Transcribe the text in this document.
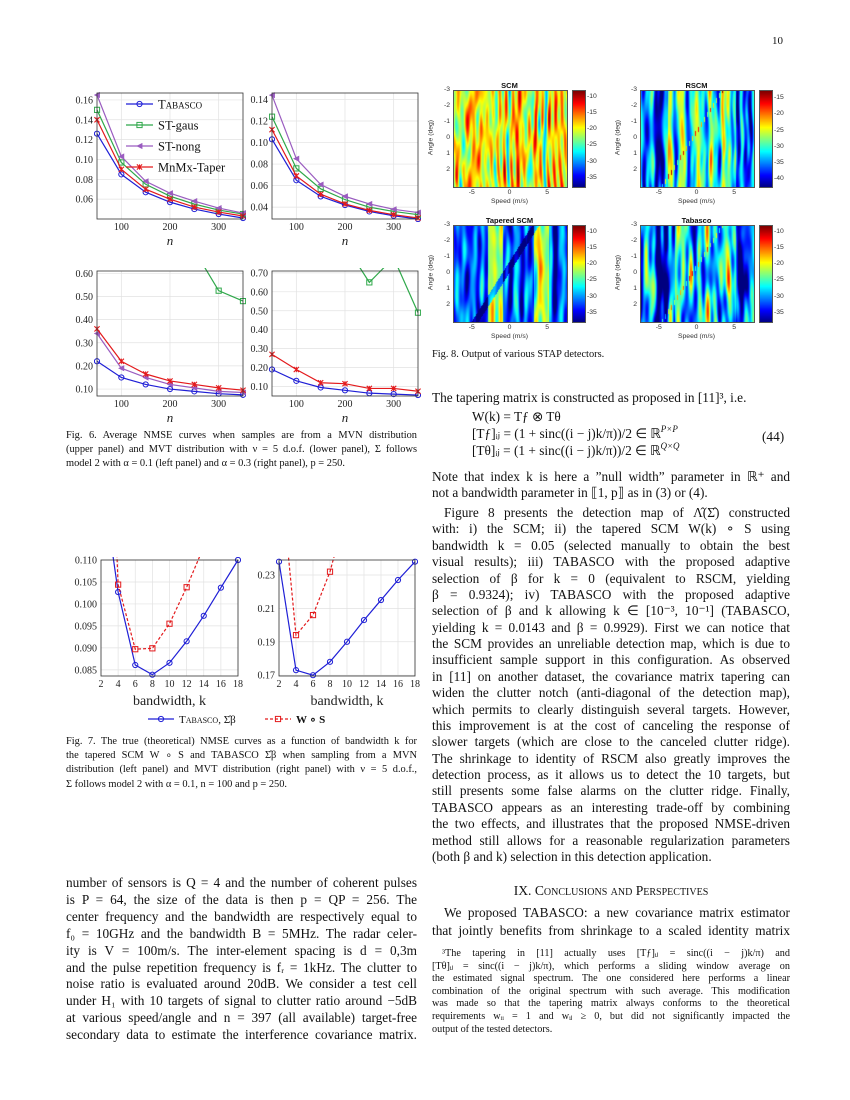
10
100	200	300
0.06
0.08
0.10
0.12
0.14
0.16
n
Tabasco
ST-gaus
ST-nong
MnMx-Taper
100	200	300
0.04
0.06
0.08
0.10
0.12
0.14
n
100	200	300
0.10
0.20
0.30
0.40
0.50
0.60
n
100	200	300
0.10
0.20
0.30
0.40
0.50
0.60
0.70
n
2 4 6 8 10 12 14 16 18
0.085
0.090
0.095
0.100
0.105
0.110
bandwidth, k
Tabasco, Σ̂β	W ∘ S
2 4 6 8 10 12 14 16 18
0.17
0.19
0.21
0.23
bandwidth, k
Fig. 6. Average NMSE curves when samples are from a MVN distribution
(upper panel) and MVT distribution with ν = 5 d.o.f. (lower panel), Σ follows
model 2 with α = 0.1 (left panel) and α = 0.3 (right panel), p = 250.
Fig. 7. The true (theoretical) NMSE curves as a function of bandwidth k for
the tapered SCM W ∘ S and TABASCO Σ̂β when sampling from a MVN
distribution (left panel) and MVT distribution (right panel) with ν = 5 d.o.f.,
Σ follows model 2 with α = 0.1, n = 100 and p = 250.
SCM
-10
-15
-20
-25
-30
-35
-3
-2
-1
0
1
2
-5	0	5
Speed (m/s)
Angle (deg)
RSCM
-15
-20
-25
-30
-35
-40
-3
-2
-1
0
1
2
-5	0	5
Speed (m/s)
Angle (deg)
Tapered SCM
-10
-15
-20
-25
-30
-35
-3
-2
-1
0
1
2
-5	0	5
Speed (m/s)
Angle (deg)
Tabasco
-10
-15
-20
-25
-30
-35
-3
-2
-1
0
1
2
-5	0	5
Speed (m/s)
Angle (deg)
Fig. 8. Output of various STAP detectors.
The tapering matrix is constructed as proposed in [11]³, i.e.
W(k) = Tƒ ⊗ Tθ
[Tƒ]ᵢⱼ = (1 + sinc((i − j)k/π))/2 ∈ ℝ$^{P\times P}$
[Tθ]ᵢⱼ = (1 + sinc((i − j)k/π))/2 ∈ ℝ$^{Q\times Q}$
(44)
Note that index k is here a ”null width” parameter in ℝ⁺ and
not a bandwidth parameter in ⟦1, p⟧ as in (3) or (4).
Figure 8 presents the detection map of Λ̂(Σ̂) constructed
with: i) the SCM; ii) the tapered SCM W(k) ∘ S using
bandwidth k = 0.05 (selected manually to obtain the best
visual results); iii) TABASCO with the proposed adaptive
selection of β for k = 0 (equivalent to RSCM, yielding
β = 0.9324); iv) TABASCO with the proposed adaptive
selection of β and k allowing k ∈ [10⁻³, 10⁻¹] (TABASCO,
yielding k = 0.0143 and β = 0.9929). First we can notice that
the SCM provides an unreliable detection map, which is due to
insufficient sample support in this configuration. As observed
in [11] on another dataset, the covariance matrix tapering can
widen the clutter notch (anti-diagonal of the detection map),
which permits to clearly distinguish several targets. However,
this improvement is at the cost of canceling the response of
slower targets (which are close to the canceled clutter ridge).
The shrinkage to identity of RSCM also greatly improves the
detection process, as it allows us to detect the 10 targets, but
still presents some false alarms on the clutter ridge. Finally,
TABASCO appears as an interesting trade-off by combining
the two effects, and illustrates that the proposed NMSE-driven
method still allows for a reasonable regularization parameters
(both β and k) selection in this detection application.
IX. Conclusions and Perspectives
We proposed TABASCO: a new covariance matrix estimator
that jointly benefits from shrinkage to a scaled identity matrix
³The tapering in [11] actually uses [Tƒ]ᵢⱼ = sinc((i − j)k/π) and
[Tθ]ᵢⱼ = sinc((i − j)k/π), which performs a sliding window average on
the estimated signal spectrum. The one considered here performs a linear
combination of the original spectrum with such average. This modification
was made so that the tapering matrix always conforms to the theoretical
requirements wᵢᵢ = 1 and wᵢⱼ ≥ 0, but did not significantly impacted the
output of the tested detectors.
number of sensors is Q = 4 and the number of coherent pulses
is P = 64, the size of the data is then p = QP = 256. The
center frequency and the bandwidth are respectively equal to
f₀ = 10GHz and the bandwidth B = 5MHz. The radar celer-
ity is V = 100m/s. The inter-element spacing is d = 0,3m
and the pulse repetition frequency is fᵣ = 1kHz. The clutter to
noise ratio is evaluated around 20dB. We consider a test cell
under H₁ with 10 targets of signal to clutter ratio around −5dB
at various speed/angle and n = 397 (all available) target-free
secondary data to estimate the interference covariance matrix.
